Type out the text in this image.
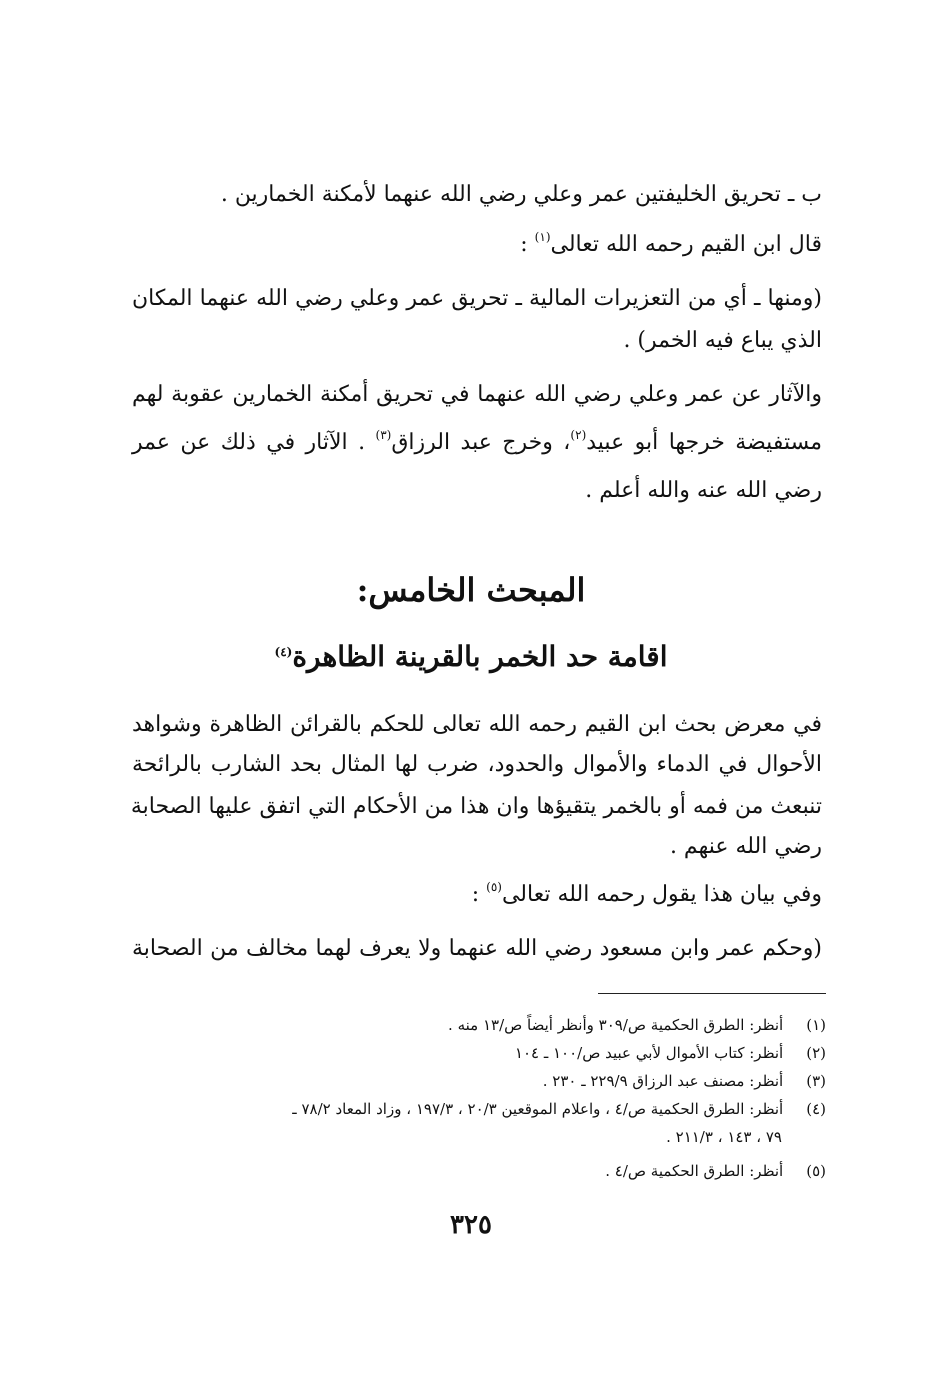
ب ـ تحريق الخليفتين عمر وعلي رضي الله عنهما لأمكنة الخمارين .
قال ابن القيم رحمه الله تعالى$^{(١)}$ :
(ومنها ـ أي من التعزيرات المالية ـ تحريق عمر وعلي رضي الله عنهما المكان
الذي يباع فيه الخمر) .
والآثار عن عمر وعلي رضي الله عنهما في تحريق أمكنة الخمارين عقوبة لهم
مستفيضة خرجها أبو عبيد$^{(٢)}$، وخرج عبد الرزاق$^{(٣)}$ . الآثار في ذلك عن عمر
رضي الله عنه والله أعلم .
المبحث الخامس:
اقامة حد الخمر بالقرينة الظاهرة$^{(٤)}$
في معرض بحث ابن القيم رحمه الله تعالى للحكم بالقرائن الظاهرة وشواهد
الأحوال في الدماء والأموال والحدود، ضرب لها المثال بحد الشارب بالرائحة
تنبعث من فمه أو بالخمر يتقيؤها وان هذا من الأحكام التي اتفق عليها الصحابة
رضي الله عنهم .
وفي بيان هذا يقول رحمه الله تعالى$^{(٥)}$ :
(وحكم عمر وابن مسعود رضي الله عنهما ولا يعرف لهما مخالف من الصحابة
(١) أنظر: الطرق الحكمية ص/٣٠٩ وأنظر أيضاً ص/١٣ منه .
(٢) أنظر: كتاب الأموال لأبي عبيد ص/١٠٠ ـ ١٠٤
(٣) أنظر: مصنف عبد الرزاق ٢٢٩/٩ ـ ٢٣٠ .
(٤) أنظر: الطرق الحكمية ص/٤ ، واعلام الموقعين ٢٠/٣ ، ١٩٧/٣ ، وزاد المعاد ٧٨/٢ ـ
٧٩ ، ١٤٣ ، ٢١١/٣ .
(٥) أنظر: الطرق الحكمية ص/٤ .
٣٢٥
